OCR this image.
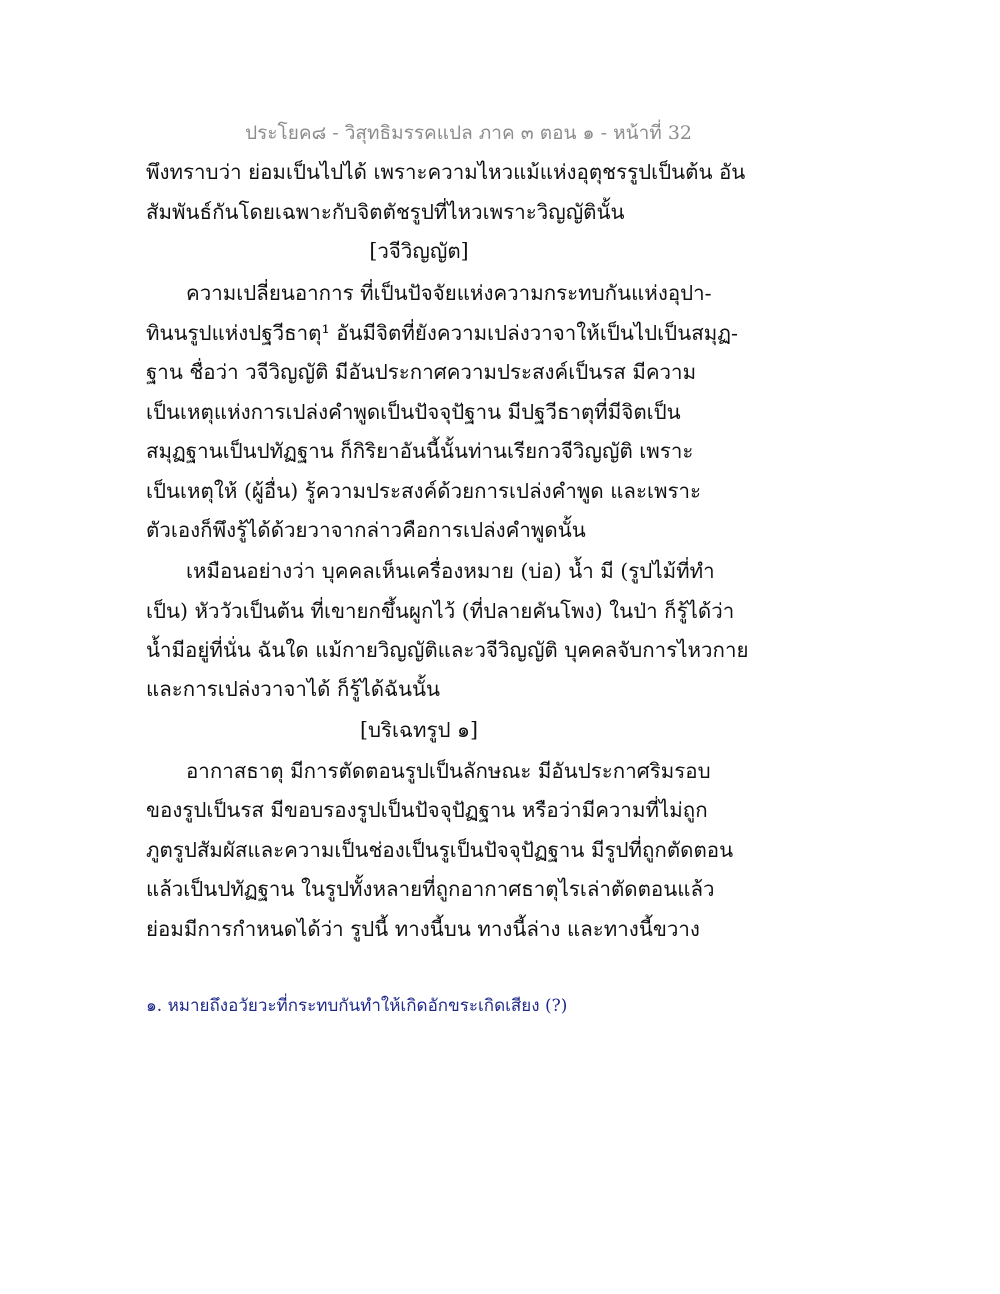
ประโยค๘ - วิสุทธิมรรคแปล ภาค ๓ ตอน ๑ - หน้าที่ 32
พึงทราบว่า ย่อมเป็นไปได้ เพราะความไหวแม้แห่งอุตุชรรูปเป็นต้น อัน
สัมพันธ์กันโดยเฉพาะกับจิตตัชรูปที่ไหวเพราะวิญญัตินั้น
[วจีวิญญัต]
ความเปลี่ยนอาการ ที่เป็นปัจจัยแห่งความกระทบกันแห่งอุปา-
ทินนรูปแห่งปฐวีธาตุ¹ อันมีจิตที่ยังความเปล่งวาจาให้เป็นไปเป็นสมุฏ-
ฐาน ชื่อว่า วจีวิญญัติ มีอันประกาศความประสงค์เป็นรส มีความ
เป็นเหตุแห่งการเปล่งคำพูดเป็นปัจจุปัฐาน มีปฐวีธาตุที่มีจิตเป็น
สมุฏฐานเป็นปทัฏฐาน ก็กิริยาอันนี้นั้นท่านเรียกวจีวิญญัติ เพราะ
เป็นเหตุให้ (ผู้อื่น) รู้ความประสงค์ด้วยการเปล่งคำพูด และเพราะ
ตัวเองก็พึงรู้ได้ด้วยวาจากล่าวคือการเปล่งคำพูดนั้น
เหมือนอย่างว่า บุคคลเห็นเครื่องหมาย (บ่อ) น้ำ มี (รูปไม้ที่ทำ
เป็น) หัววัวเป็นต้น ที่เขายกขึ้นผูกไว้ (ที่ปลายคันโพง) ในป่า ก็รู้ได้ว่า
น้ำมีอยู่ที่นั่น ฉันใด แม้กายวิญญัติและวจีวิญญัติ บุคคลจับการไหวกาย
และการเปล่งวาจาได้ ก็รู้ได้ฉันนั้น
[บริเฉทรูป ๑]
อากาสธาตุ มีการตัดตอนรูปเป็นลักษณะ มีอันประกาศริมรอบ
ของรูปเป็นรส มีขอบรองรูปเป็นปัจจุปัฏฐาน หรือว่ามีความที่ไม่ถูก
ภูตรูปสัมผัสและความเป็นช่องเป็นรูเป็นปัจจุปัฏฐาน มีรูปที่ถูกตัดตอน
แล้วเป็นปทัฏฐาน ในรูปทั้งหลายที่ถูกอากาศธาตุไรเล่าตัดตอนแล้ว
ย่อมมีการกำหนดได้ว่า รูปนี้ ทางนี้บน ทางนี้ล่าง และทางนี้ขวาง
๑. หมายถึงอวัยวะที่กระทบกันทำให้เกิดอักขระเกิดเสียง (?)
